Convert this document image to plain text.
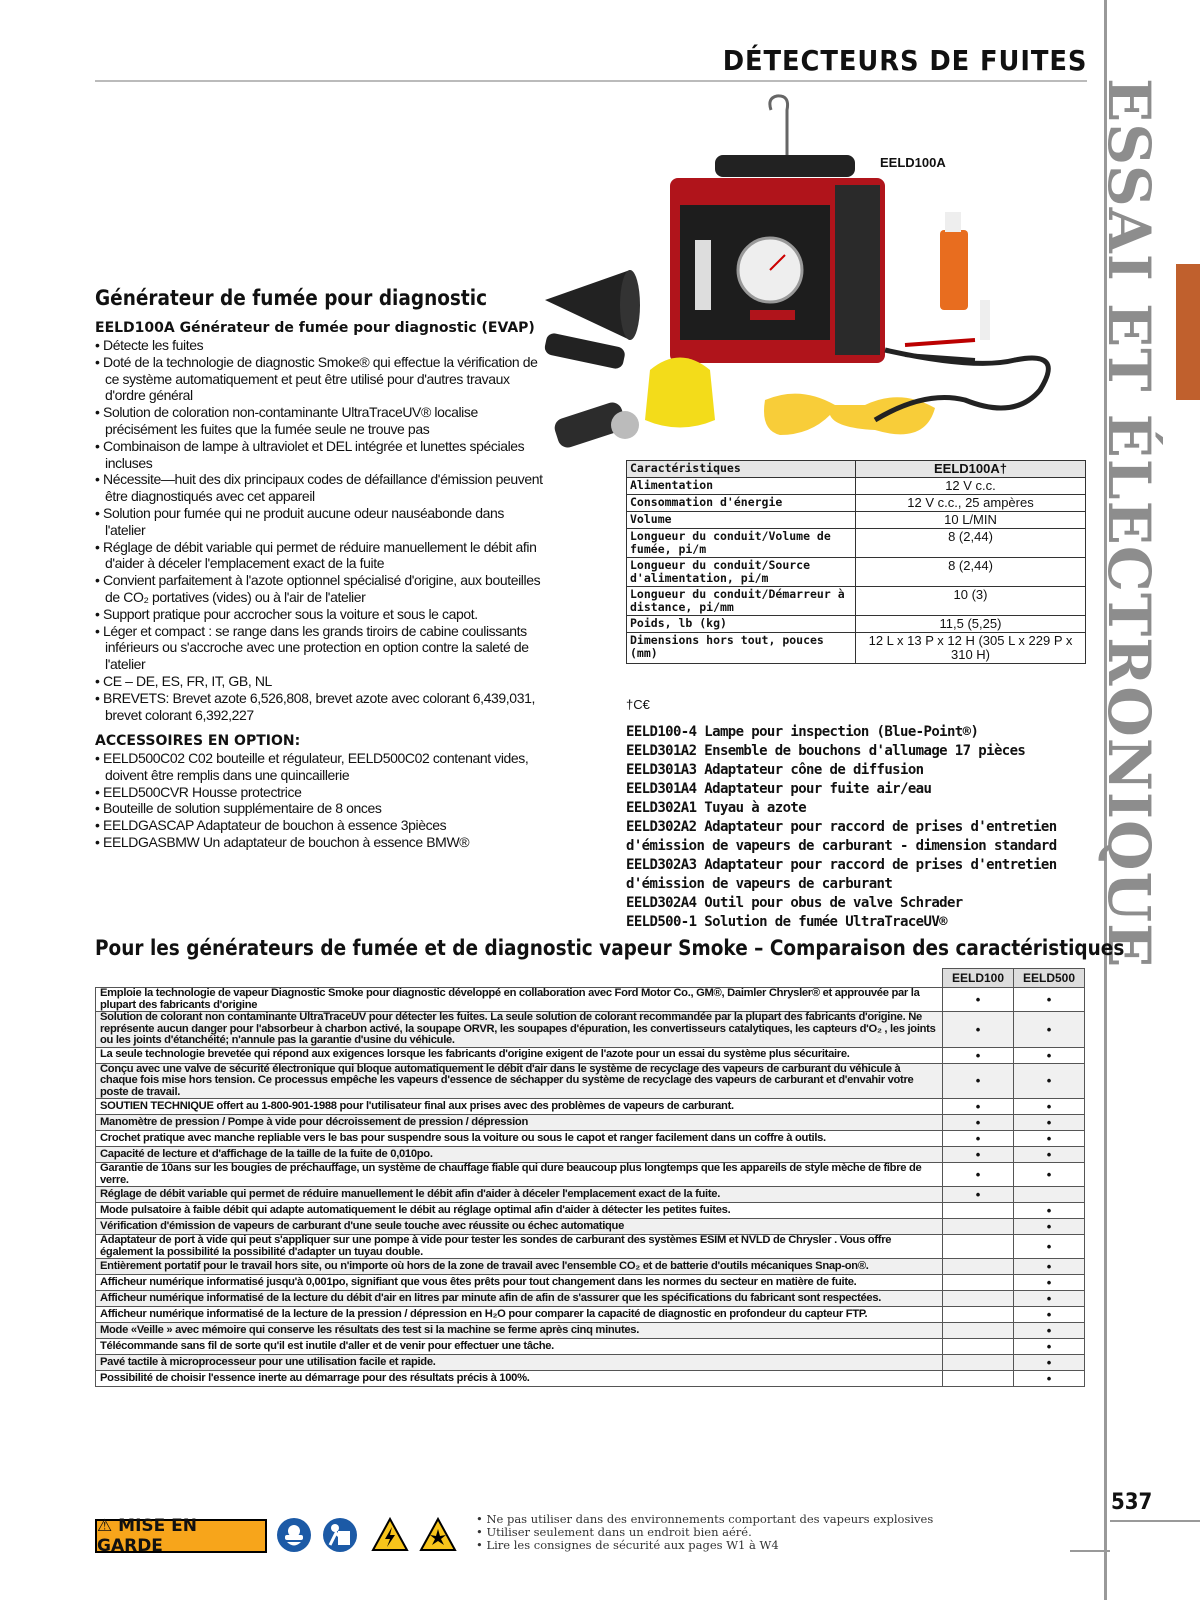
DÉTECTEURS DE FUITES
ESSAI ET ÉLECTRONIQUE
537
Générateur de fumée pour diagnostic
EELD100A Générateur de fumée pour diagnostic (EVAP)
• Détecte les fuites
• Doté de la technologie de diagnostic Smoke® qui effectue la vérification de ce système automatiquement et peut être utilisé pour d'autres travaux d'ordre général
• Solution de coloration non-contaminante UltraTraceUV® localise précisément les fuites que la fumée seule ne trouve pas
• Combinaison de lampe à ultraviolet et DEL intégrée et lunettes spéciales incluses
• Nécessite—huit des dix principaux codes de défaillance d'émission peuvent être diagnostiqués avec cet appareil
• Solution pour fumée qui ne produit aucune odeur nauséabonde dans l'atelier
• Réglage de débit variable qui permet de réduire manuellement le débit afin d'aider à déceler l'emplacement exact de la fuite
• Convient parfaitement à l'azote optionnel spécialisé d'origine, aux bouteilles de CO₂ portatives (vides) ou à l'air de l'atelier
• Support pratique pour accrocher sous la voiture et sous le capot.
• Léger et compact : se range dans les grands tiroirs de cabine coulissants inférieurs ou s'accroche avec une protection en option contre la saleté de l'atelier
• CE – DE, ES, FR, IT, GB, NL
• BREVETS: Brevet azote 6,526,808, brevet azote avec colorant 6,439,031, brevet colorant 6,392,227
ACCESSOIRES EN OPTION:
• EELD500C02 C02 bouteille et régulateur, EELD500C02 contenant vides, doivent être remplis dans une quincaillerie
• EELD500CVR Housse protectrice
• Bouteille de solution supplémentaire de 8 onces
• EELDGASCAP Adaptateur de bouchon à essence 3pièces
• EELDGASBMW Un adaptateur de bouchon à essence BMW®
EELD100A
Caractéristiques	EELD100A†
Alimentation	12 V c.c.
Consommation d'énergie	12 V c.c., 25 ampères
Volume	10 L/MIN
Longueur du conduit/Volume de fumée, pi/m	8 (2,44)
Longueur du conduit/Source d'alimentation, pi/m	8 (2,44)
Longueur du conduit/Démarreur à distance, pi/mm	10 (3)
Poids, lb (kg)	11,5 (5,25)
Dimensions hors tout, pouces (mm)	12 L x 13 P x 12 H (305 L x 229 P x 310 H)
†C€
EELD100-4 Lampe pour inspection (Blue-Point®)
EELD301A2 Ensemble de bouchons d'allumage 17 pièces
EELD301A3 Adaptateur cône de diffusion
EELD301A4 Adaptateur pour fuite air/eau
EELD302A1 Tuyau à azote
EELD302A2 Adaptateur pour raccord de prises d'entretien
d'émission de vapeurs de carburant - dimension standard
EELD302A3 Adaptateur pour raccord de prises d'entretien
d'émission de vapeurs de carburant
EELD302A4 Outil pour obus de valve Schrader
EELD500-1 Solution de fumée UltraTraceUV®
Pour les générateurs de fumée et de diagnostic vapeur Smoke – Comparaison des caractéristiques
	EELD100	EELD500
Emploie la technologie de vapeur Diagnostic Smoke pour diagnostic développé en collaboration avec Ford Motor Co., GM®, Daimler Chrysler® et approuvée par la plupart des fabricants d'origine	•	•
Solution de colorant non contaminante UltraTraceUV pour détecter les fuites. La seule solution de colorant recommandée par la plupart des fabricants d'origine. Ne représente aucun danger pour l'absorbeur à charbon activé, la soupape ORVR, les soupapes d'épuration, les convertisseurs catalytiques, les capteurs d'O₂ , les joints ou les joints d'étanchéité; n'annule pas la garantie d'usine du véhicule.	•	•
La seule technologie brevetée qui répond aux exigences lorsque les fabricants d'origine exigent de l'azote pour un essai du système plus sécuritaire.	•	•
Conçu avec une valve de sécurité électronique qui bloque automatiquement le débit d'air dans le système de recyclage des vapeurs de carburant du véhicule à chaque fois mise hors tension. Ce processus empêche les vapeurs d'essence de séchapper du système de recyclage des vapeurs de carburant et d'envahir votre poste de travail.	•	•
SOUTIEN TECHNIQUE offert au 1-800-901-1988 pour l'utilisateur final aux prises avec des problèmes de vapeurs de carburant.	•	•
Manomètre de pression / Pompe à vide pour décroissement de pression / dépression	•	•
Crochet pratique avec manche repliable vers le bas pour suspendre sous la voiture ou sous le capot et ranger facilement dans un coffre à outils.	•	•
Capacité de lecture et d'affichage de la taille de la fuite de 0,010po.	•	•
Garantie de 10ans sur les bougies de préchauffage, un système de chauffage fiable qui dure beaucoup plus longtemps que les appareils de style mèche de fibre de verre.	•	•
Réglage de débit variable qui permet de réduire manuellement le débit afin d'aider à déceler l'emplacement exact de la fuite.	•	
Mode pulsatoire à faible débit qui adapte automatiquement le débit au réglage optimal afin d'aider à détecter les petites fuites.		•
Vérification d'émission de vapeurs de carburant d'une seule touche avec réussite ou échec automatique		•
Adaptateur de port à vide qui peut s'appliquer sur une pompe à vide pour tester les sondes de carburant des systèmes ESIM et NVLD de Chrysler . Vous offre également la possibilité la possibilité d'adapter un tuyau double.		•
Entièrement portatif pour le travail hors site, ou n'importe où hors de la zone de travail avec l'ensemble CO₂ et de batterie d'outils mécaniques Snap-on®.		•
Afficheur numérique informatisé jusqu'à 0,001po, signifiant que vous êtes prêts pour tout changement dans les normes du secteur en matière de fuite.		•
Afficheur numérique informatisé de la lecture du débit d'air en litres par minute afin de afin de s'assurer que les spécifications du fabricant sont respectées.		•
Afficheur numérique informatisé de la lecture de la pression / dépression en H₂O pour comparer la capacité de diagnostic en profondeur du capteur FTP.		•
Mode «Veille » avec mémoire qui conserve les résultats des test si la machine se ferme après cinq minutes.		•
Télécommande sans fil de sorte qu'il est inutile d'aller et de venir pour effectuer une tâche.		•
Pavé tactile à microprocesseur pour une utilisation facile et rapide.		•
Possibilité de choisir l'essence inerte au démarrage pour des résultats précis à 100%.		•
⚠ MISE EN GARDE
• Ne pas utiliser dans des environnements comportant des vapeurs explosives
• Utiliser seulement dans un endroit bien aéré.
• Lire les consignes de sécurité aux pages W1 à W4
